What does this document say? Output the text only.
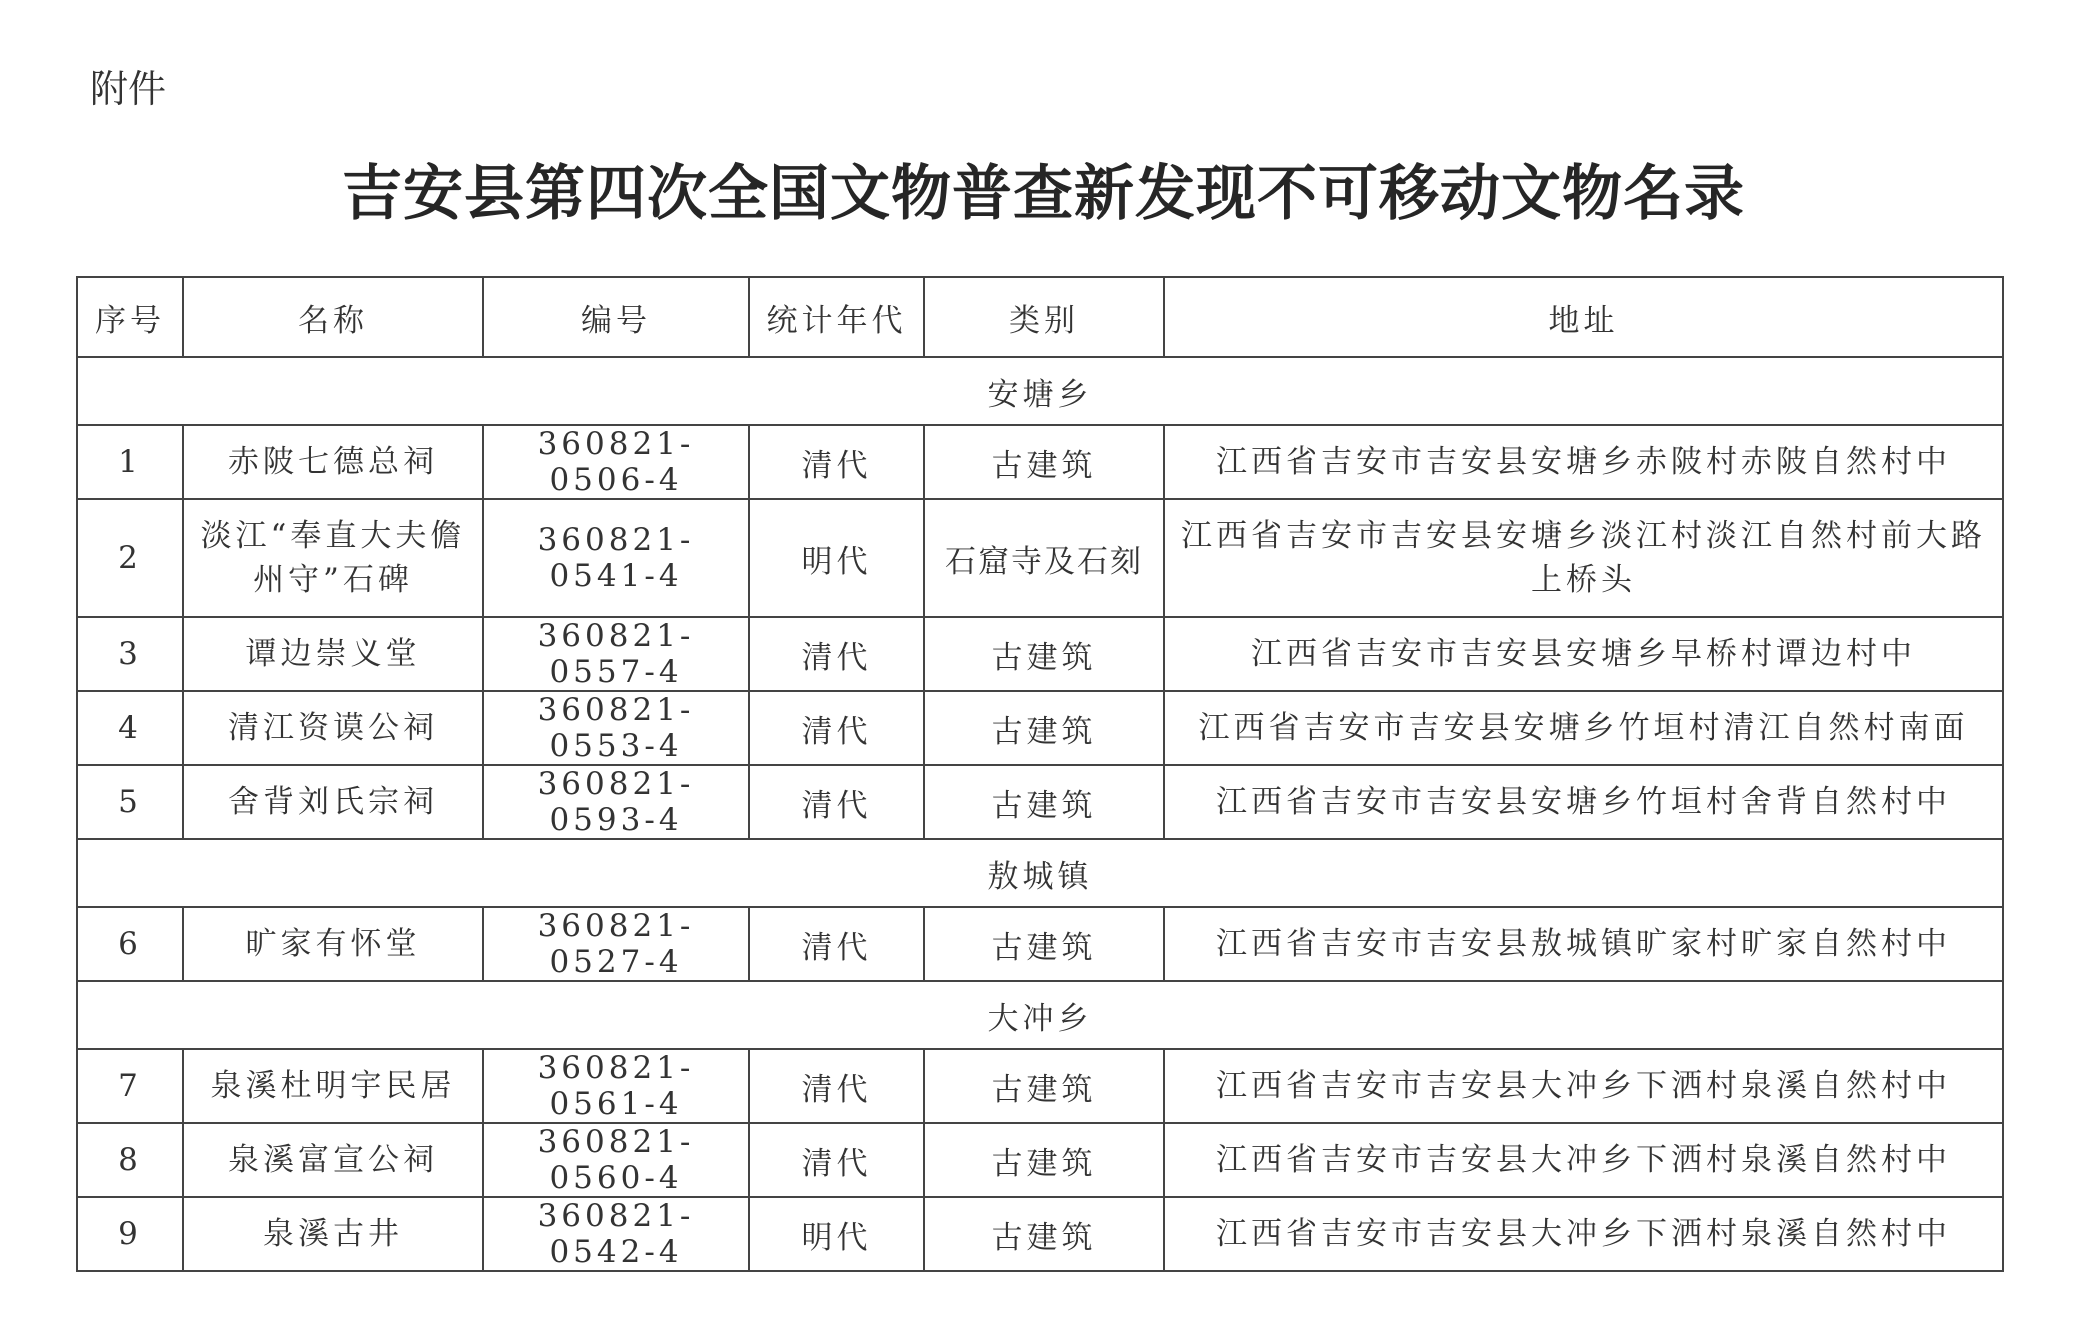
附件
吉安县第四次全国文物普查新发现不可移动文物名录
序号	名称	编号	统计年代	类别	地址
安塘乡					
1	赤陂七德总祠	360821-0506-4	清代	古建筑	江西省吉安市吉安县安塘乡赤陂村赤陂自然村中
2	淡江“奉直大夫儋州守”石碑	360821-0541-4	明代	石窟寺及石刻	江西省吉安市吉安县安塘乡淡江村淡江自然村前大路上桥头
3	谭边崇义堂	360821-0557-4	清代	古建筑	江西省吉安市吉安县安塘乡早桥村谭边村中
4	清江资谟公祠	360821-0553-4	清代	古建筑	江西省吉安市吉安县安塘乡竹垣村清江自然村南面
5	舍背刘氏宗祠	360821-0593-4	清代	古建筑	江西省吉安市吉安县安塘乡竹垣村舍背自然村中
敖城镇					
6	旷家有怀堂	360821-0527-4	清代	古建筑	江西省吉安市吉安县敖城镇旷家村旷家自然村中
大冲乡					
7	泉溪杜明宇民居	360821-0561-4	清代	古建筑	江西省吉安市吉安县大冲乡下洒村泉溪自然村中
8	泉溪富宣公祠	360821-0560-4	清代	古建筑	江西省吉安市吉安县大冲乡下洒村泉溪自然村中
9	泉溪古井	360821-0542-4	明代	古建筑	江西省吉安市吉安县大冲乡下洒村泉溪自然村中
